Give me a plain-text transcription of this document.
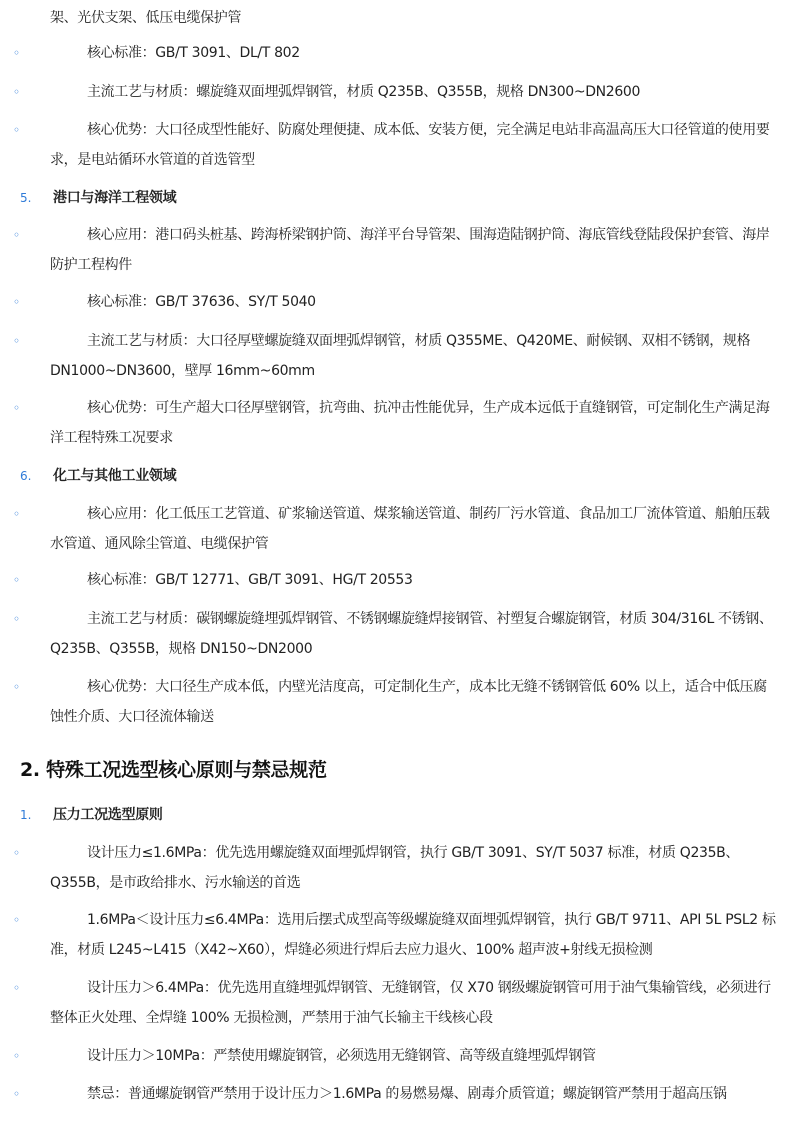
架、光伏支架、低压电缆保护管

◦	核心标准：GB/T 3091、DL/T 802
◦	主流工艺与材质：螺旋缝双面埋弧焊钢管，材质 Q235B、Q355B，规格 DN300~DN2600
◦	核心优势：大口径成型性能好、防腐处理便捷、成本低、安装方便，完全满足电站非高温高压大口径管道的使用要求，是电站循环水管道的首选管型
5.	港口与海洋工程领域

◦	核心应用：港口码头桩基、跨海桥梁钢护筒、海洋平台导管架、围海造陆钢护筒、海底管线登陆段保护套管、海岸防护工程构件
◦	核心标准：GB/T 37636、SY/T 5040
◦	主流工艺与材质：大口径厚壁螺旋缝双面埋弧焊钢管，材质 Q355ME、Q420ME、耐候钢、双相不锈钢，规格 DN1000~DN3600，壁厚 16mm~60mm
◦	核心优势：可生产超大口径厚壁钢管，抗弯曲、抗冲击性能优异，生产成本远低于直缝钢管，可定制化生产满足海洋工程特殊工况要求
6.	化工与其他工业领域

◦	核心应用：化工低压工艺管道、矿浆输送管道、煤浆输送管道、制药厂污水管道、食品加工厂流体管道、船舶压载水管道、通风除尘管道、电缆保护管
◦	核心标准：GB/T 12771、GB/T 3091、HG/T 20553
◦	主流工艺与材质：碳钢螺旋缝埋弧焊钢管、不锈钢螺旋缝焊接钢管、衬塑复合螺旋钢管，材质 304/316L 不锈钢、Q235B、Q355B，规格 DN150~DN2000
◦	核心优势：大口径生产成本低，内壁光洁度高，可定制化生产，成本比无缝不锈钢管低 60% 以上，适合中低压腐蚀性介质、大口径流体输送
2. 特殊工况选型核心原则与禁忌规范
1.	压力工况选型原则

◦	设计压力≤1.6MPa：优先选用螺旋缝双面埋弧焊钢管，执行 GB/T 3091、SY/T 5037 标准，材质 Q235B、Q355B，是市政给排水、污水输送的首选
◦	1.6MPa＜设计压力≤6.4MPa：选用后摆式成型高等级螺旋缝双面埋弧焊钢管，执行 GB/T 9711、API 5L PSL2 标准，材质 L245~L415（X42~X60），焊缝必须进行焊后去应力退火、100% 超声波+射线无损检测
◦	设计压力＞6.4MPa：优先选用直缝埋弧焊钢管、无缝钢管，仅 X70 钢级螺旋钢管可用于油气集输管线，必须进行整体正火处理、全焊缝 100% 无损检测，严禁用于油气长输主干线核心段
◦	设计压力＞10MPa：严禁使用螺旋钢管，必须选用无缝钢管、高等级直缝埋弧焊钢管
◦	禁忌：普通螺旋钢管严禁用于设计压力＞1.6MPa 的易燃易爆、剧毒介质管道；螺旋钢管严禁用于超高压锅
